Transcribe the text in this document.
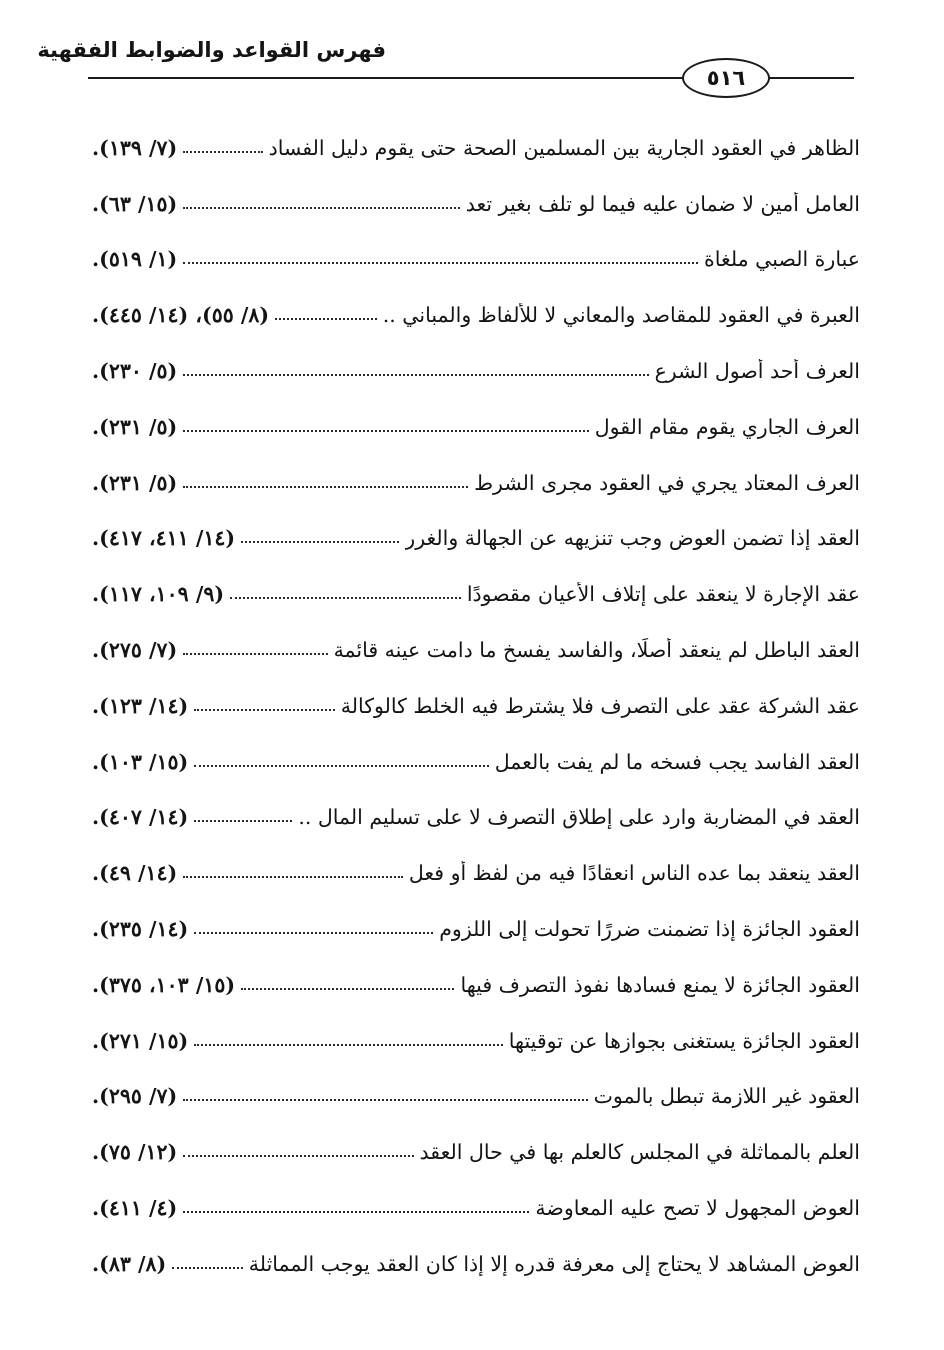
فهرس القواعد والضوابط الفقهية
٥١٦
الظاهر في العقود الجارية بين المسلمين الصحة حتى يقوم دليل الفساد
(٧/ ١٣٩).
العامل أمين لا ضمان عليه فيما لو تلف بغير تعد
(١٥/ ٦٣).
عبارة الصبي ملغاة
(١/ ٥١٩).
العبرة في العقود للمقاصد والمعاني لا للألفاظ والمباني ..
(٨/ ٥٥)، (١٤/ ٤٤٥).
العرف أحد أصول الشرع
(٥/ ٢٣٠).
العرف الجاري يقوم مقام القول
(٥/ ٢٣١).
العرف المعتاد يجري في العقود مجرى الشرط
(٥/ ٢٣١).
العقد إذا تضمن العوض وجب تنزيهه عن الجهالة والغرر
(١٤/ ٤١١، ٤١٧).
عقد الإجارة لا ينعقد على إتلاف الأعيان مقصودًا
(٩/ ١٠٩، ١١٧).
العقد الباطل لم ينعقد أصلًا، والفاسد يفسخ ما دامت عينه قائمة
(٧/ ٢٧٥).
عقد الشركة عقد على التصرف فلا يشترط فيه الخلط كالوكالة
(١٤/ ١٢٣).
العقد الفاسد يجب فسخه ما لم يفت بالعمل
(١٥/ ١٠٣).
العقد في المضاربة وارد على إطلاق التصرف لا على تسليم المال ..
(١٤/ ٤٠٧).
العقد ينعقد بما عده الناس انعقادًا فيه من لفظ أو فعل
(١٤/ ٤٩).
العقود الجائزة إذا تضمنت ضررًا تحولت إلى اللزوم
(١٤/ ٢٣٥).
العقود الجائزة لا يمنع فسادها نفوذ التصرف فيها
(١٥/ ١٠٣، ٣٧٥).
العقود الجائزة يستغنى بجوازها عن توقيتها
(١٥/ ٢٧١).
العقود غير اللازمة تبطل بالموت
(٧/ ٢٩٥).
العلم بالمماثلة في المجلس كالعلم بها في حال العقد
(١٢/ ٧٥).
العوض المجهول لا تصح عليه المعاوضة
(٤/ ٤١١).
العوض المشاهد لا يحتاج إلى معرفة قدره إلا إذا كان العقد يوجب المماثلة
(٨/ ٨٣).
